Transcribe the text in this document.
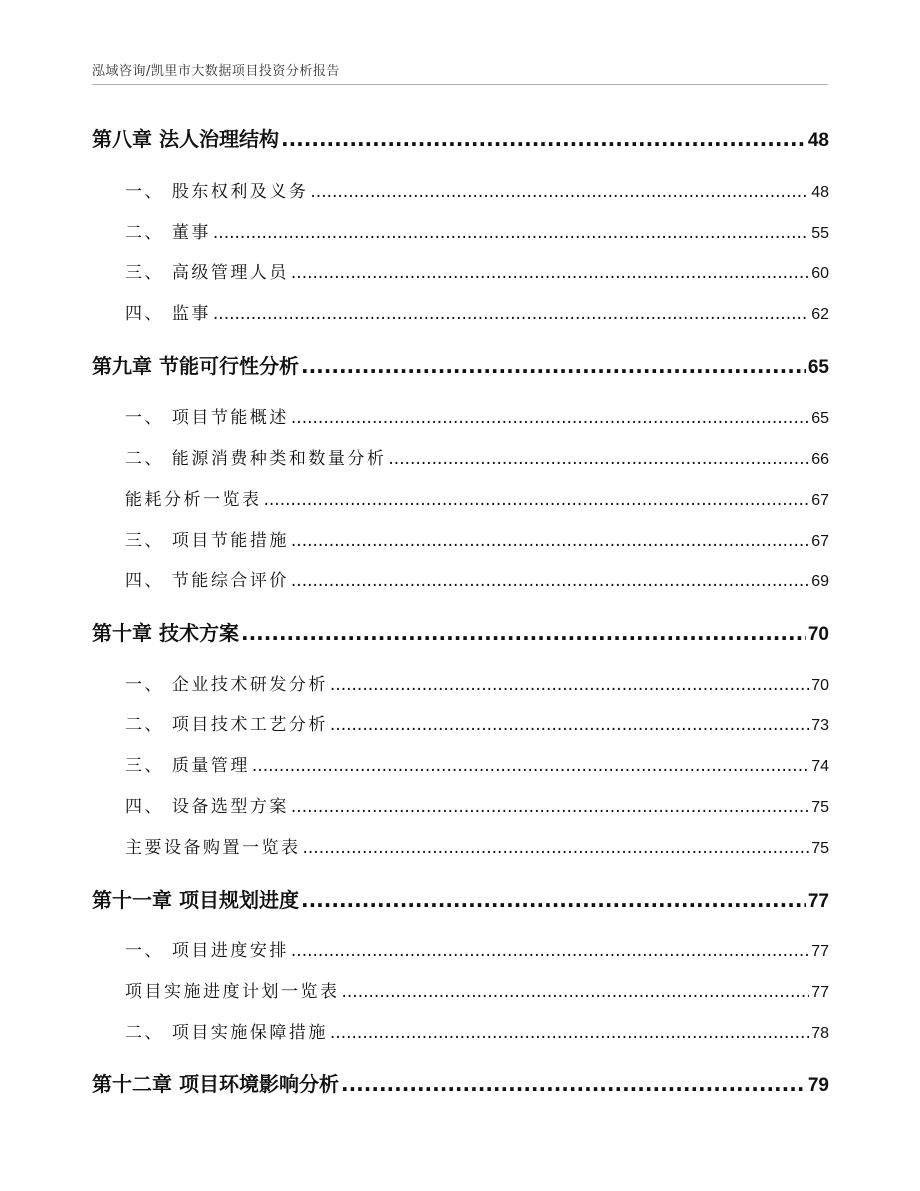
泓域咨询/凯里市大数据项目投资分析报告
第八章 法人治理结构 .....	48
一、 股东权利及义务 .....	48
二、 董事 .....	55
三、 高级管理人员 .....	60
四、 监事 .....	62
第九章 节能可行性分析 .....	65
一、 项目节能概述 .....	65
二、 能源消费种类和数量分析 .....	66
能耗分析一览表 .....	67
三、 项目节能措施 .....	67
四、 节能综合评价 .....	69
第十章 技术方案 .....	70
一、 企业技术研发分析 .....	70
二、 项目技术工艺分析 .....	73
三、 质量管理 .....	74
四、 设备选型方案 .....	75
主要设备购置一览表 .....	75
第十一章 项目规划进度 .....	77
一、 项目进度安排 .....	77
项目实施进度计划一览表 .....	77
二、 项目实施保障措施 .....	78
第十二章 项目环境影响分析 .....	79
